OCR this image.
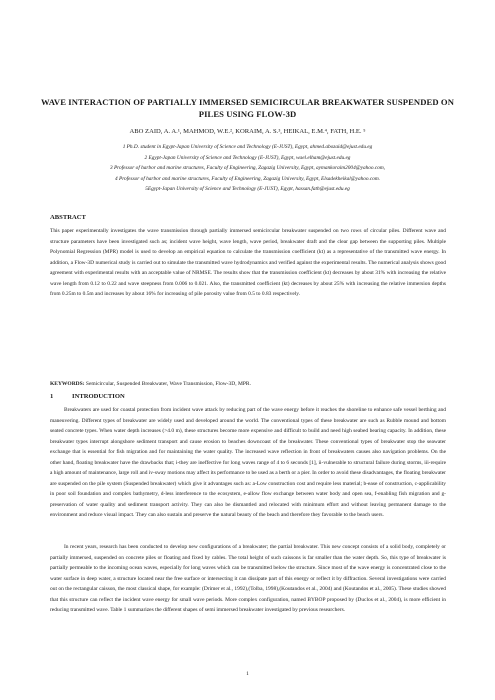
WAVE INTERACTION OF PARTIALLY IMMERSED SEMICIRCULAR BREAKWATER SUSPENDED ON PILES USING FLOW-3D
ABO ZAID, A. A.¹, MAHMOD, W.E.², KORAIM, A. S.³, HEIKAL, E.M.⁴, FATH, H.E. ⁵
1 Ph.D. student in Egypt-Japan University of Science and Technology (E-JUST), Egypt, ahmed.abozaid@ejust.edu.eg
2 Egypt-Japan University of Science and Technology (E-JUST), Egypt, wael.elham@ejust.edu.eg
3 Professor of harbor and marine structures, Faculty of Engineering, Zagazig University, Egypt, aymankoraim2004@yahoo.com,
4 Professor of harbor and marine structures, Faculty of Engineering, Zagazig University, Egypt, Elsadekheikal@yahoo.com.
5Egypt-Japan University of Science and Technology (E-JUST), Egypt, hassan.fath@ejust.edu.eg
ABSTRACT
This paper experimentally investigates the wave transmission through partially immersed semicircular breakwater suspended on two rows of circular piles. Different wave and structure parameters have been investigated such as; incident wave height, wave length, wave period, breakwater draft and the clear gap between the supporting piles. Multiple Polynomial Regression (MPR) model is used to develop an empirical equation to calculate the transmission coefficient (kt) as a representative of the transmitted wave energy. In addition, a Flow-3D numerical study is carried out to simulate the transmitted wave hydrodynamics and verified against the experimental results. The numerical analysis shows good agreement with experimental results with an acceptable value of NRMSE. The results show that the transmission coefficient (kt) decreases by about 31% with increasing the relative wave length from 0.12 to 0.22 and wave steepness from 0.006 to 0.021. Also, the transmitted coefficient (kt) decreases by about 25% with increasing the relative immersion depths from 0.25m to 0.5m and increases by about 16% for increasing of pile porosity value from 0.5 to 0.83 respectively.
KEYWORDS: Semicircular, Suspended Breakwater, Wave Transmission, Flow-3D, MPR.
1	INTRODUCTION
Breakwaters are used for coastal protection from incident wave attack by reducing part of the wave energy before it reaches the shoreline to enhance safe vessel berthing and maneuvering. Different types of breakwater are widely used and developed around the world. The conventional types of these breakwater are such as Rubble mound and bottom seated concrete types. When water depth increases (>4.0 m), these structures become more expensive and difficult to build and need high seabed bearing capacity. In addition, these breakwater types interrupt alongshore sediment transport and cause erosion to beaches downcoast of the breakwater. These conventional types of breakwater stop the seawater exchange that is essential for fish migration and for maintaining the water quality. The increased wave reflection in front of breakwaters causes also navigation problems. On the other hand, floating breakwater have the drawbacks that; i-they are ineffective for long waves range of 4 to 6 seconds [1], ii-vulnerable to structural failure during storms, iii-require a high amount of maintenance, large roll and iv-sway motions may affect its performance to be used as a berth or a pier. In order to avoid these disadvantages, the floating breakwater are suspended on the pile system (Suspended breakwater) which give it advantages such as: a-Low construction cost and require less material; b-ease of construction, c-applicability in poor soil foundation and complex bathymetry, d-less interference to the ecosystem, e-allow flow exchange between water body and open sea, f-enabling fish migration and g-preservation of water quality and sediment transport activity. They can also be dismantled and relocated with minimum effort and without leaving permanent damage to the environment and reduce visual impact. They can also sustain and preserve the natural beauty of the beach and therefore they favorable to the beach users.
In recent years, research has been conducted to develop new configurations of a breakwater; the partial breakwater. This new concept consists of a solid body, completely or partially immersed, suspended on concrete piles or floating and fixed by cables. The total height of such caissons is far smaller than the water depth. So, this type of breakwater is partially permeable to the incoming ocean waves, especially for long waves which can be transmitted below the structure. Since most of the wave energy is concentrated close to the water surface in deep water, a structure located near the free surface or intersecting it can dissipate part of this energy or reflect it by diffraction. Several investigations were carried out on the rectangular caisson, the most classical shape, for example: (Drimer et al., 1992),(Tolba, 1998),(Koutandos et al., 2004) and (Koutandos et al., 2005). These studies showed that this structure can reflect the incident wave energy for small wave periods. More complex configuration, named BYBOP proposed by (Duclos et al., 2004), is more efficient in reducing transmitted wave. Table 1 summarizes the different shapes of semi immersed breakwater investigated by previous researchers.
1
